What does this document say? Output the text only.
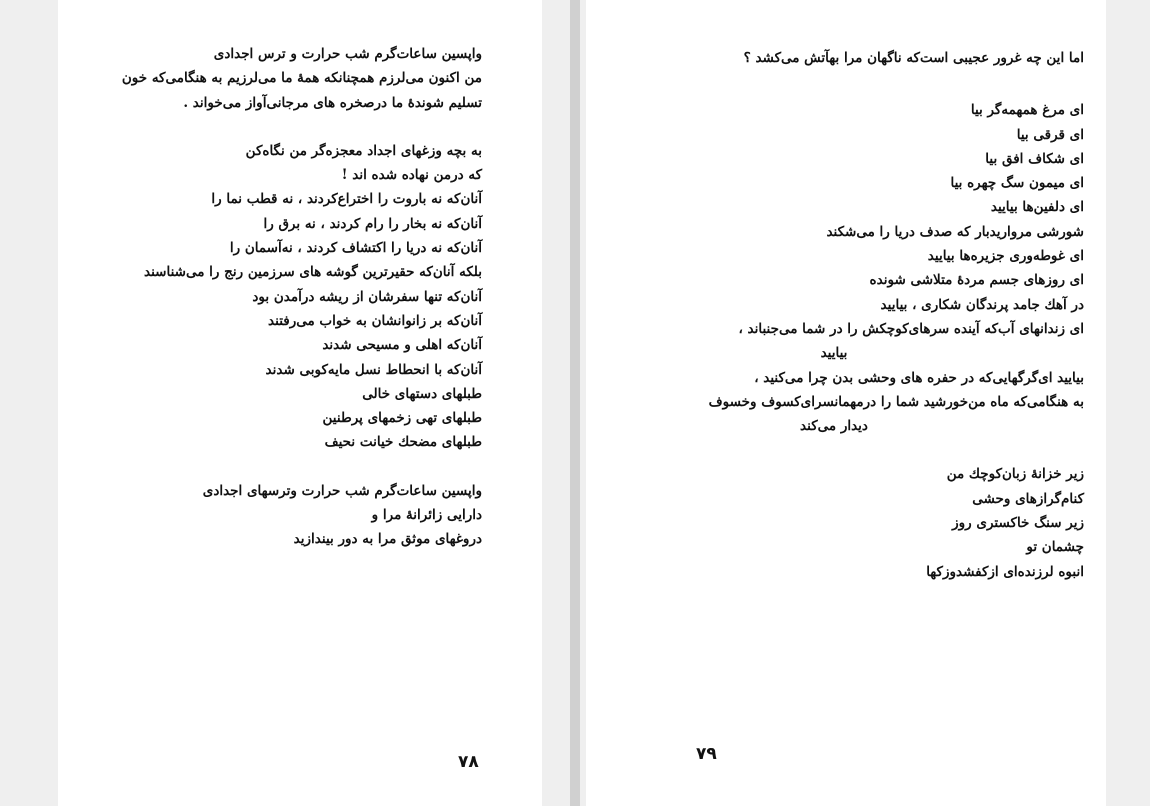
واپسین ساعات‌گرم شب حرارت و ترس اجدادی
من اکنون می‌لرزم همچنانکه همهٔ ما می‌لرزیم به هنگامی‌که خون
تسلیم شوندهٔ ما درصخره های مرجانی‌آواز می‌خواند .
به بچه وزغهای اجداد معجزه‌گر من نگاه‌کن
که درمن نهاده شده اند !
آنان‌که نه باروت را اختراع‌کردند ، نه قطب نما را
آنان‌که نه بخار را رام کردند ، نه برق را
آنان‌که نه دریا را اکتشاف کردند ، نه‌آسمان را
بلکه آنان‌که حقیرترین گوشه های سرزمین رنج را می‌شناسند
آنان‌که تنها سفرشان از ریشه درآمدن بود
آنان‌که بر زانوانشان به خواب می‌رفتند
آنان‌که اهلی و مسیحی شدند
آنان‌که با انحطاط نسل مایه‌کوبی شدند
طبلهای دستهای خالی
طبلهای تهی زخمهای پرطنین
طبلهای مضحك خیانت نحیف
واپسین ساعات‌گرم شب حرارت وترسهای اجدادی
دارایی زائرانهٔ مرا و
دروغهای موثق مرا به دور بیندازید
۷۸
اما این چه غرور عجیبی است‌که ناگهان مرا بهآتش می‌کشد ؟
ای مرغ همهمه‌گر بیا
ای قرقی بیا
ای شکاف افق بیا
ای میمون سگ چهره بیا
ای دلفین‌ها بیایید
شورشی مرواریدبار که صدف دریا را می‌شکند
ای غوطه‌وری جزیره‌ها بیایید
ای روزهای جسم مردهٔ متلاشی شونده
در آهك جامد پرندگان شکاری ، بیایید
ای زندانهای آب‌که آینده سرهای‌کوچکش را در شما می‌جنباند ،
بیایید
بیایید ای‌گرگهایی‌که در حفره های وحشی بدن چرا می‌کنید ،
به هنگامی‌که ماه من‌خورشید شما را درمهمانسرای‌کسوف وخسوف
دیدار می‌کند
زیر خزانهٔ زبان‌کوچك من
کنام‌گرازهای وحشی
زیر سنگ خاکستری روز
چشمان تو
انبوه لرزنده‌ای ازکفشدوزکها
۷۹
